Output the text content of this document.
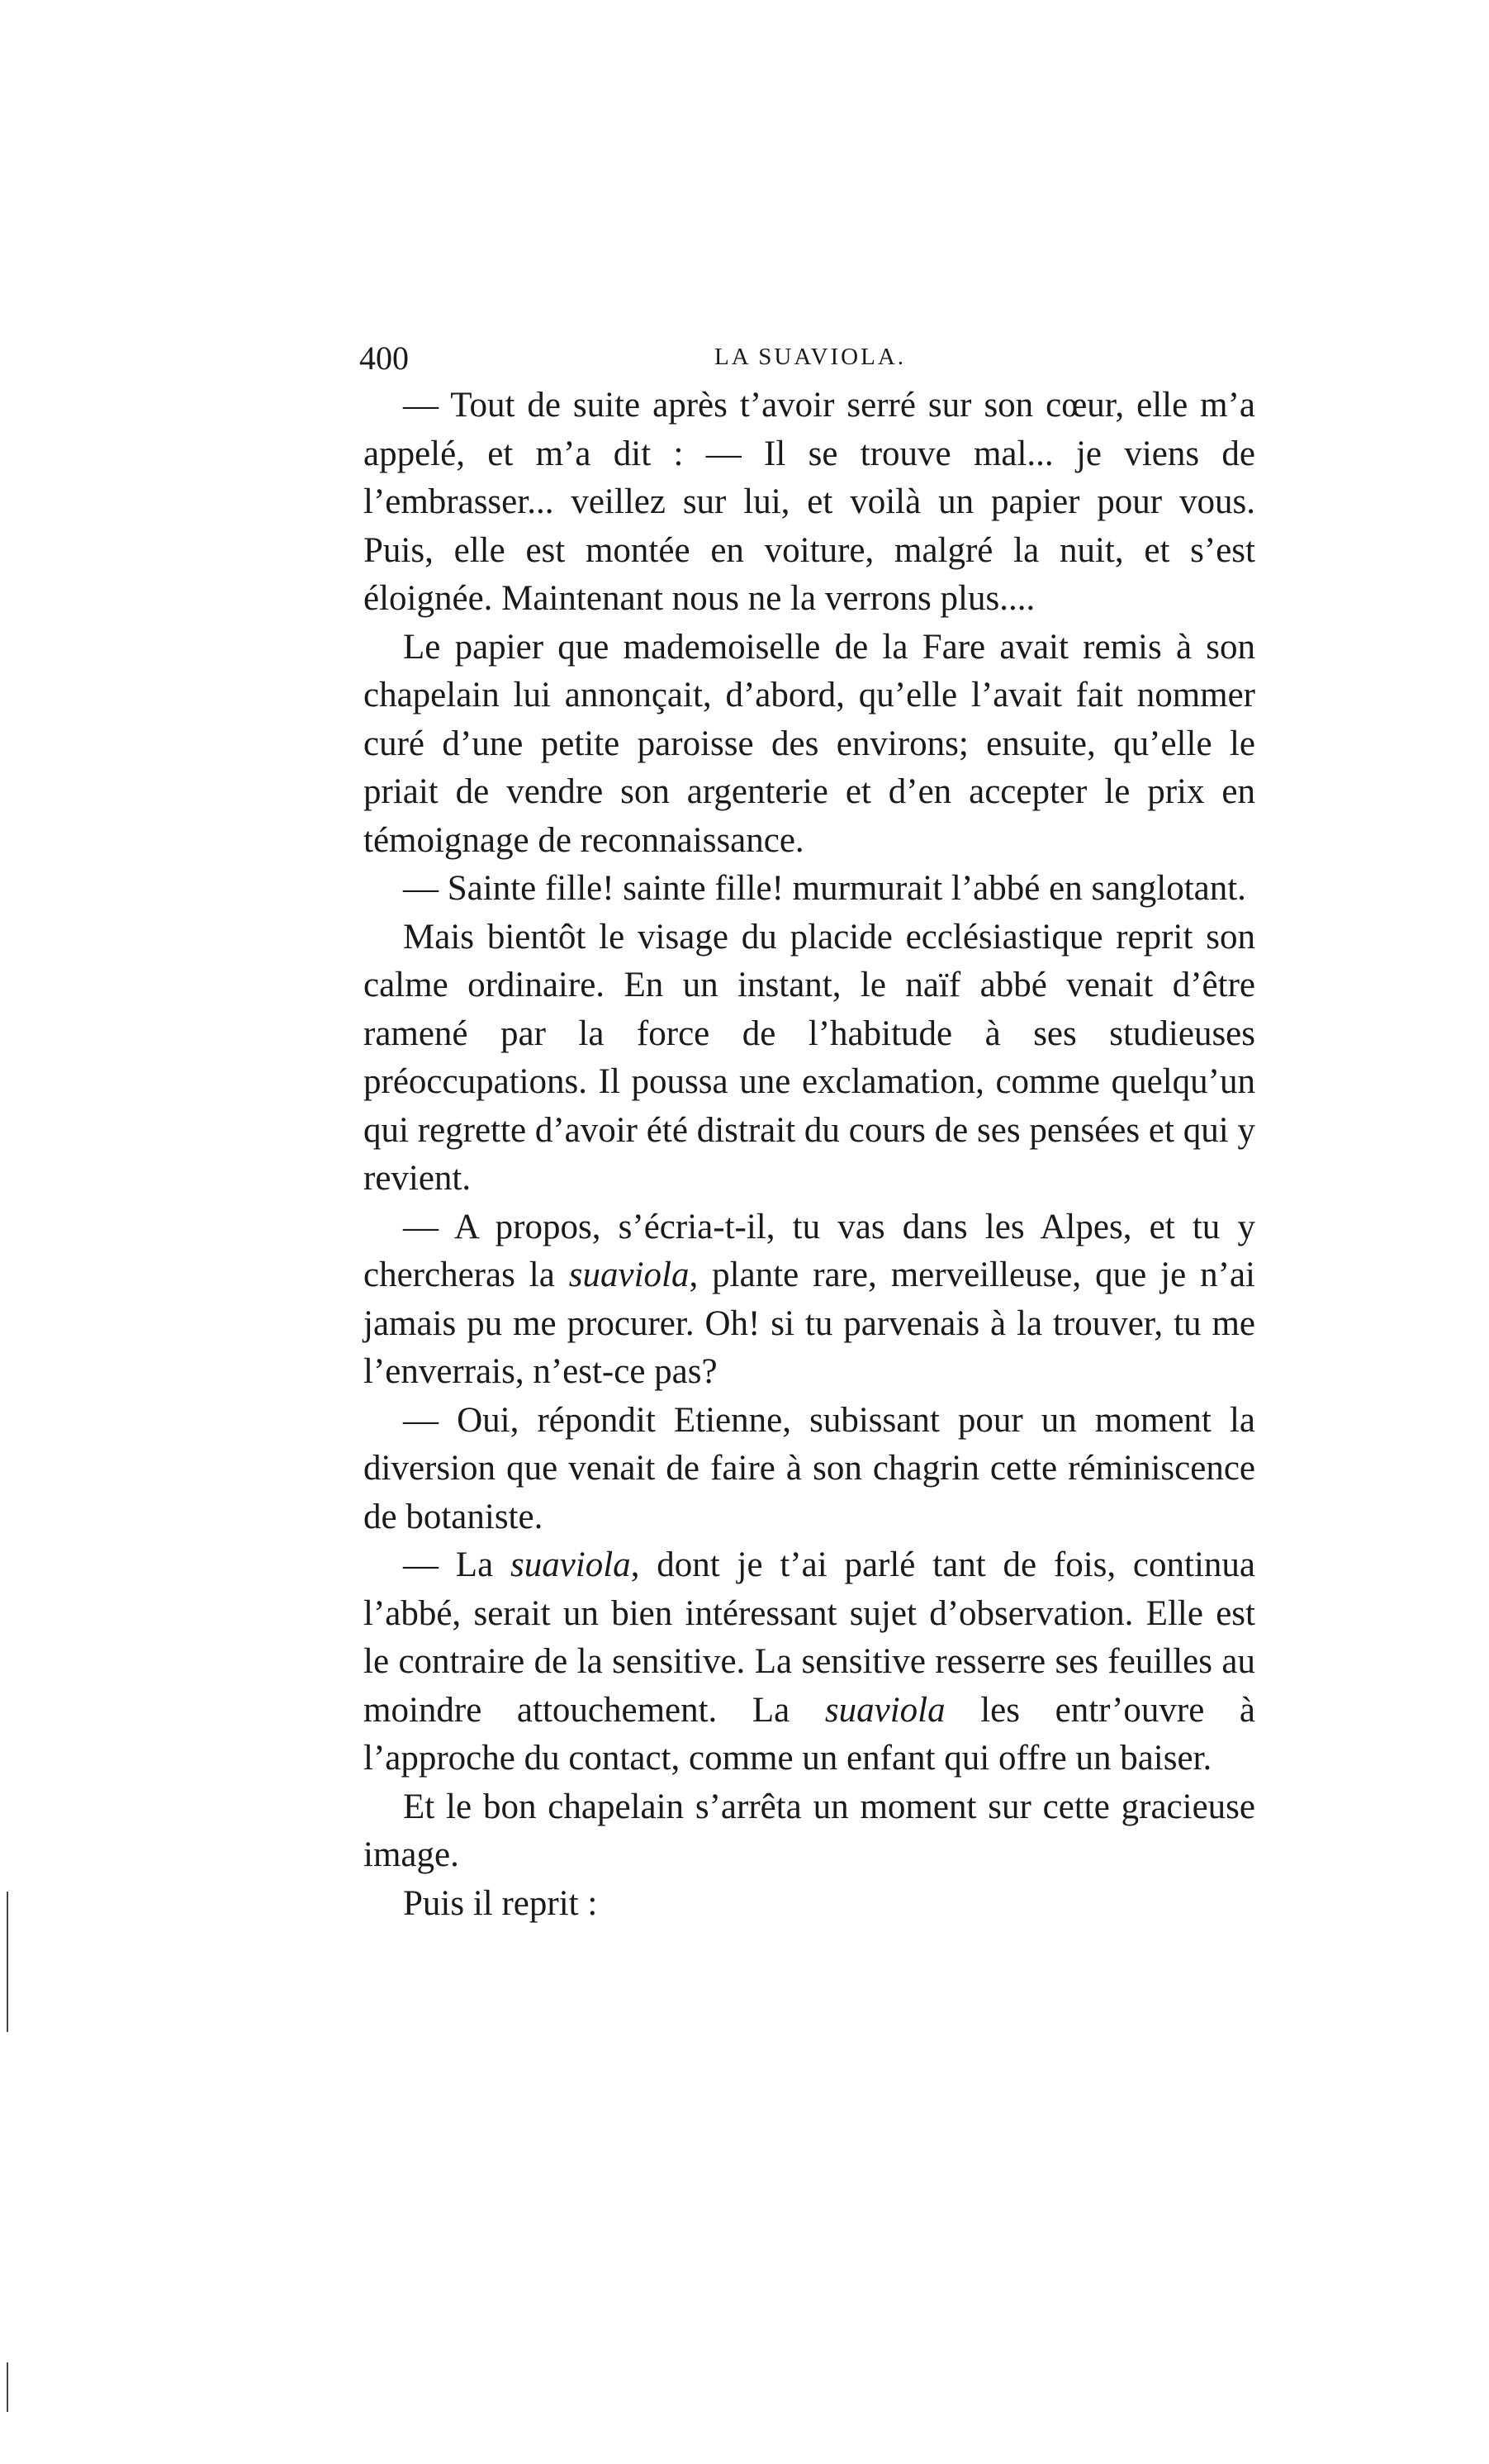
400	LA SUAVIOLA.

— Tout de suite après t’avoir serré sur son cœur, elle m’a appelé, et m’a dit : — Il se trouve mal... je viens de l’embrasser... veillez sur lui, et voilà un papier pour vous. Puis, elle est montée en voiture, malgré la nuit, et s’est éloignée. Maintenant nous ne la verrons plus....

Le papier que mademoiselle de la Fare avait remis à son chapelain lui annonçait, d’abord, qu’elle l’avait fait nommer curé d’une petite paroisse des environs; ensuite, qu’elle le priait de vendre son argenterie et d’en accepter le prix en témoignage de reconnaissance.

— Sainte fille! sainte fille! murmurait l’abbé en sanglotant.

Mais bientôt le visage du placide ecclésiastique reprit son calme ordinaire. En un instant, le naïf abbé venait d’être ramené par la force de l’habitude à ses studieuses préoccupations. Il poussa une exclamation, comme quelqu’un qui regrette d’avoir été distrait du cours de ses pensées et qui y revient.

— A propos, s’écria-t-il, tu vas dans les Alpes, et tu y chercheras la suaviola, plante rare, merveilleuse, que je n’ai jamais pu me procurer. Oh! si tu parvenais à la trouver, tu me l’enverrais, n’est-ce pas?

— Oui, répondit Etienne, subissant pour un moment la diversion que venait de faire à son chagrin cette réminiscence de botaniste.

— La suaviola, dont je t’ai parlé tant de fois, continua l’abbé, serait un bien intéressant sujet d’observation. Elle est le contraire de la sensitive. La sensitive resserre ses feuilles au moindre attouchement. La suaviola les entr’ouvre à l’approche du contact, comme un enfant qui offre un baiser.

Et le bon chapelain s’arrêta un moment sur cette gracieuse image.

Puis il reprit :
